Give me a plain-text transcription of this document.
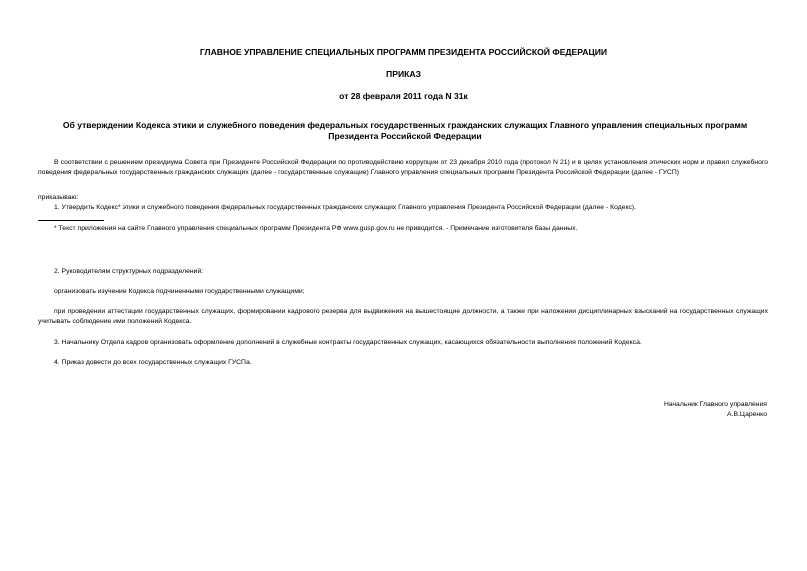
ГЛАВНОЕ УПРАВЛЕНИЕ СПЕЦИАЛЬНЫХ ПРОГРАММ ПРЕЗИДЕНТА РОССИЙСКОЙ ФЕДЕРАЦИИ
ПРИКАЗ
от 28 февраля 2011 года N 31к
Об утверждении Кодекса этики и служебного поведения федеральных государственных гражданских служащих Главного управления специальных программ Президента Российской Федерации
В соответствии с решением президиума Совета при Президенте Российской Федерации по противодействию коррупции от 23 декабря 2010 года (протокол N 21) и в целях установления этических норм и правил служебного поведения федеральных государственных гражданских служащих (далее - государственные служащие) Главного управления специальных программ Президента Российской Федерации (далее - ГУСП)
приказываю:
1. Утвердить Кодекс* этики и служебного поведения федеральных государственных гражданских служащих Главного управления Президента Российской Федерации (далее - Кодекс).
* Текст приложения на сайте Главного управления специальных программ Президента РФ www.gusp.gov.ru не приводится. - Примечание изготовителя базы данных.
2. Руководителям структурных подразделений:
организовать изучение Кодекса подчиненными государственными служащими;
при проведении аттестации государственных служащих, формировании кадрового резерва для выдвижения на вышестоящие должности, а также при наложении дисциплинарных взысканий на государственных служащих учитывать соблюдение ими положений Кодекса.
3. Начальнику Отдела кадров организовать оформление дополнений в служебные контракты государственных служащих, касающихся обязательности выполнения положений Кодекса.
4. Приказ довести до всех государственных служащих ГУСПа.
Начальник Главного управления
А.В.Царенко
